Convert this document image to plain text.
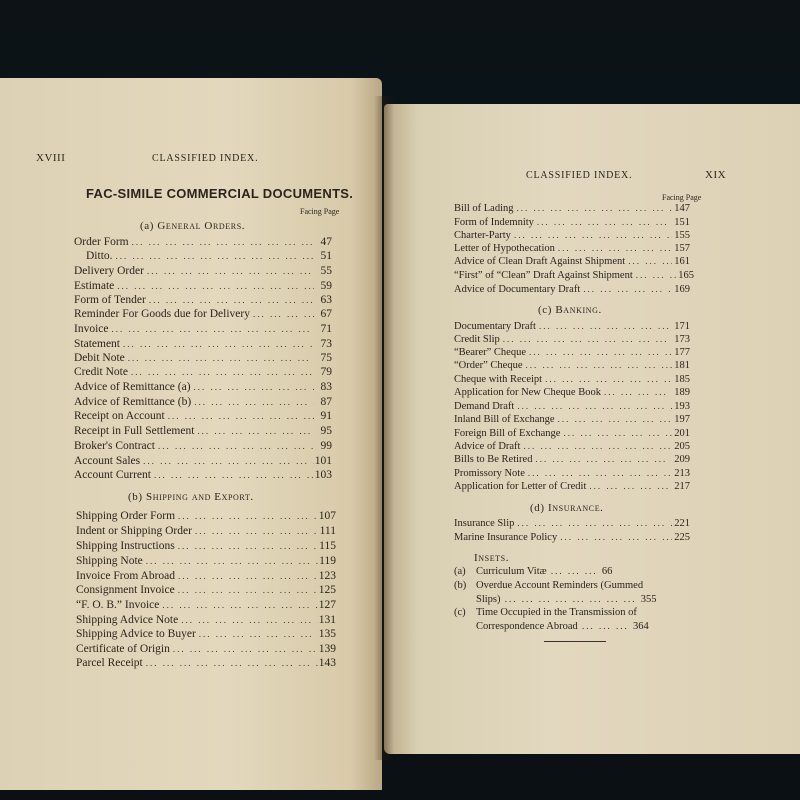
XVIII	CLASSIFIED INDEX.
FAC-SIMILE COMMERCIAL DOCUMENTS.
Facing Page
(a) General Orders.
Order Form ... .	47
Ditto. ... .	51
Delivery Order ... .	55
Estimate ... .	59
Form of Tender ... .	63
Reminder For Goods due for Delivery ... .	67
Invoice ... .	71
Statement ... .	73
Debit Note ... .	75
Credit Note ... .	79
Advice of Remittance (a) ... .	83
Advice of Remittance (b) ... .	87
Receipt on Account ... .	91
Receipt in Full Settlement ... .	95
Broker's Contract ... .	99
Account Sales ... .	101
Account Current ... .	103
(b) Shipping and Export.
Shipping Order Form ... .	107
Indent or Shipping Order ... .	111
Shipping Instructions ... .	115
Shipping Note ... .	119
Invoice From Abroad ... .	123
Consignment Invoice ... .	125
“F. O. B.” Invoice ... .	127
Shipping Advice Note ... .	131
Shipping Advice to Buyer ... .	135
Certificate of Origin ... .	139
Parcel Receipt ... .	143
CLASSIFIED INDEX.	XIX
Facing Page
Bill of Lading ... .	147
Form of Indemnity ... .	151
Charter-Party ... .	155
Letter of Hypothecation ... .	157
Advice of Clean Draft Against Shipment ... .	161
“First” of “Clean” Draft Against Shipment ... .	165
Advice of Documentary Draft ... .	169
(c) Banking.
Documentary Draft ... .	171
Credit Slip ... .	173
“Bearer” Cheque ... .	177
“Order” Cheque ... .	181
Cheque with Receipt ... .	185
Application for New Cheque Book ... .	189
Demand Draft ... .	193
Inland Bill of Exchange ... .	197
Foreign Bill of Exchange ... .	201
Advice of Draft ... .	205
Bills to Be Retired ... .	209
Promissory Note ... .	213
Application for Letter of Credit ... .	217
(d) Insurance.
Insurance Slip ... .	221
Marine Insurance Policy ... .	225
Insets.
(a) Curriculum Vitæ ... ... ... 66
(b) Overdue Account Reminders (Gummed
Slips) ... ... ... ... ... ... ... ... 355
(c) Time Occupied in the Transmission of
Correspondence Abroad ... ... ... 364
